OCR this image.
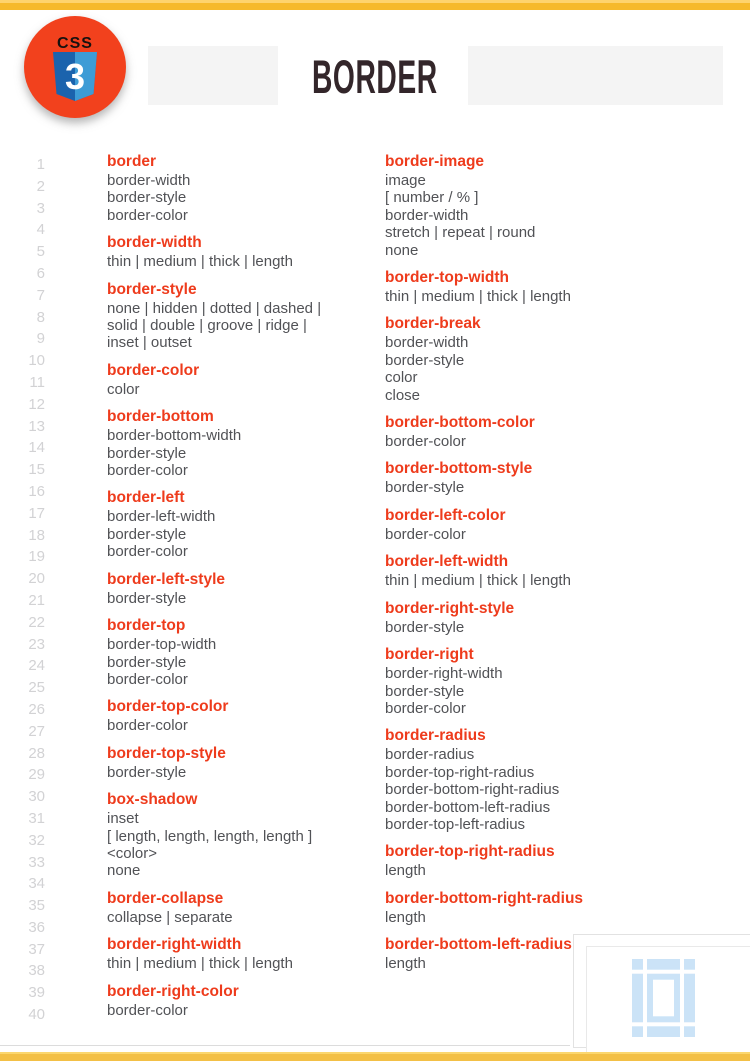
CSS
3	BORDER
1
2
3
4
5
6
7
8
9
10
11
12
13
14
15
16
17
18
19
20
21
22
23
24
25
26
27
28
29
30
31
32
33
34
35
36
37
38
39
40
border
border-width
border-style
border-color
border-width
thin | medium | thick | length
border-style
none | hidden | dotted | dashed |
solid | double | groove | ridge |
inset | outset
border-color
color
border-bottom
border-bottom-width
border-style
border-color
border-left
border-left-width
border-style
border-color
border-left-style
border-style
border-top
border-top-width
border-style
border-color
border-top-color
border-color
border-top-style
border-style
box-shadow
inset
[ length, length, length, length ]
<color>
none
border-collapse
collapse | separate
border-right-width
thin | medium | thick | length
border-right-color
border-color
border-image
image
[ number / % ]
border-width
stretch | repeat | round
none
border-top-width
thin | medium | thick | length
border-break
border-width
border-style
color
close
border-bottom-color
border-color
border-bottom-style
border-style
border-left-color
border-color
border-left-width
thin | medium | thick | length
border-right-style
border-style
border-right
border-right-width
border-style
border-color
border-radius
border-radius
border-top-right-radius
border-bottom-right-radius
border-bottom-left-radius
border-top-left-radius
border-top-right-radius
length
border-bottom-right-radius
length
border-bottom-left-radius
length
